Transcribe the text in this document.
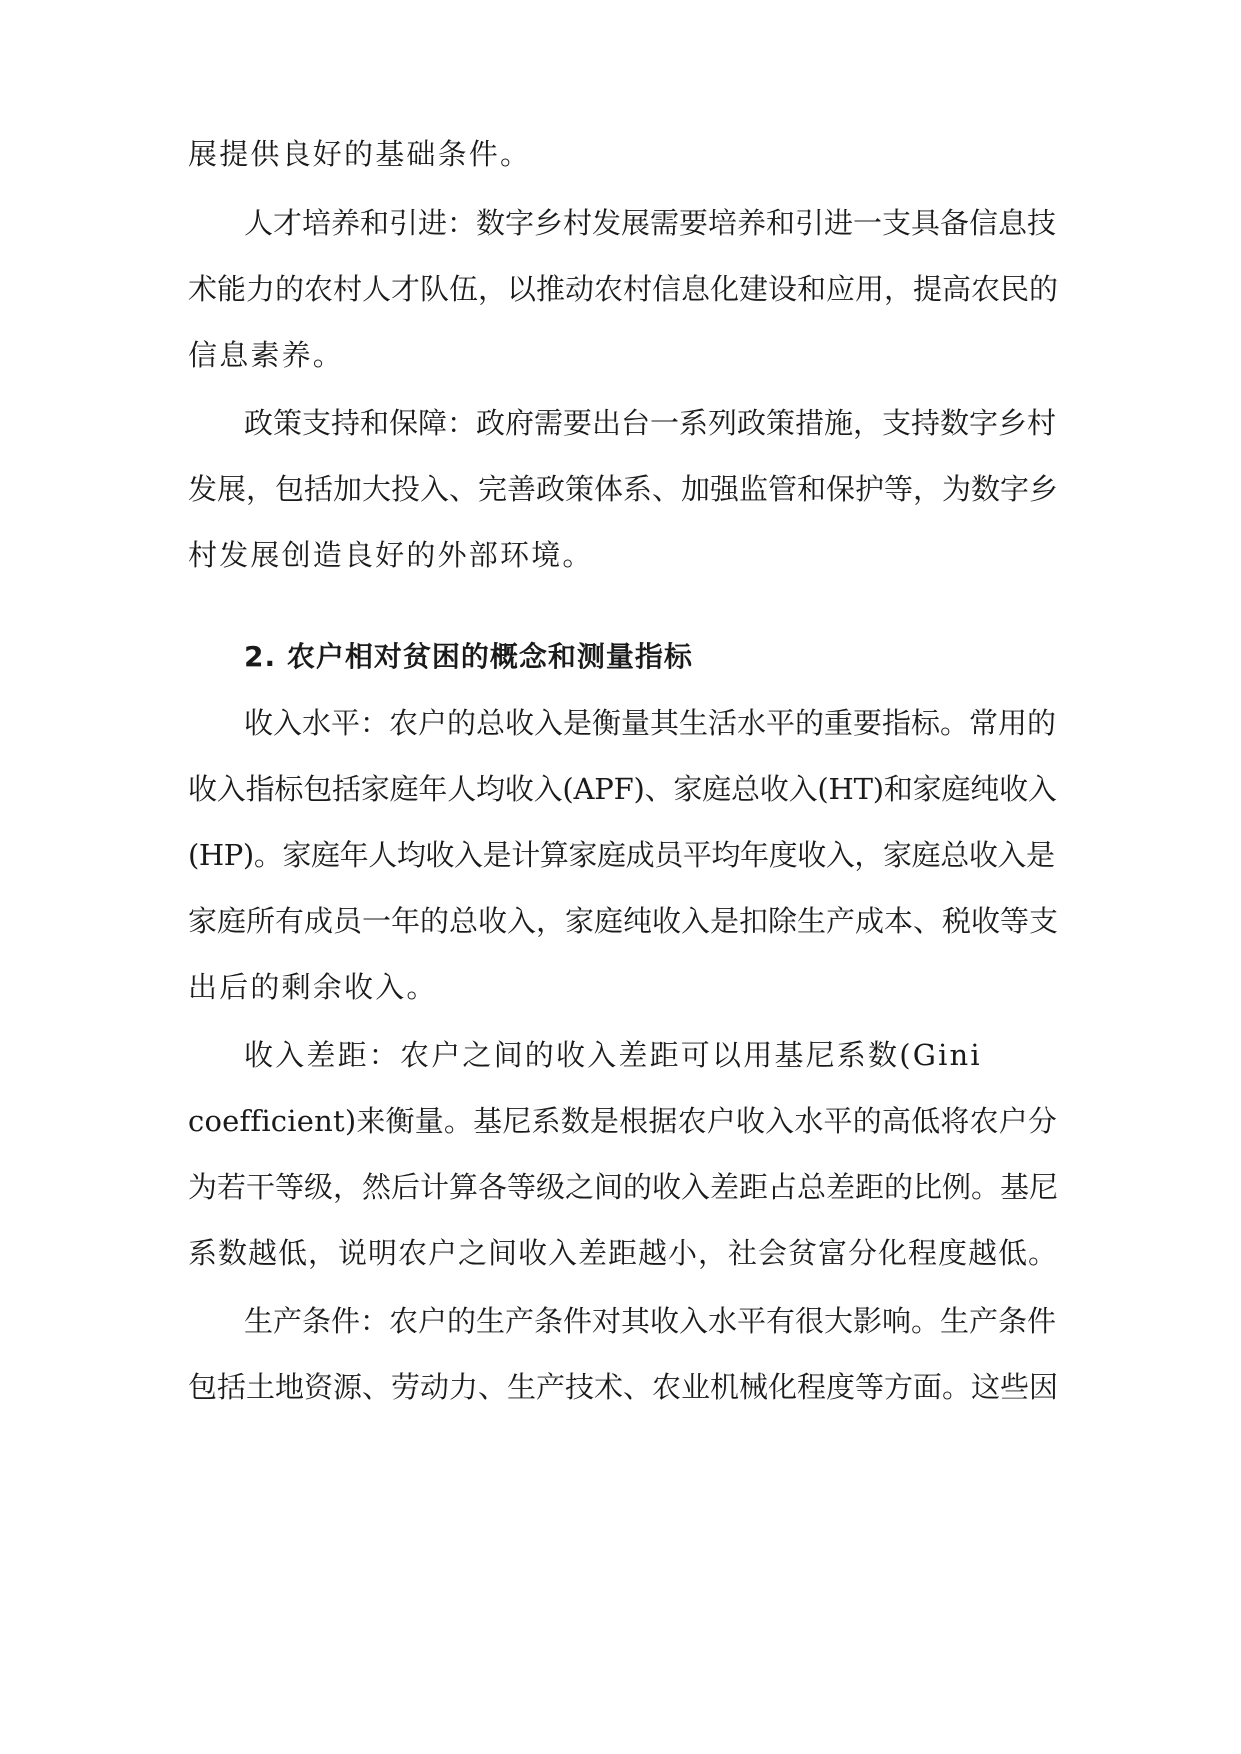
展提供良好的基础条件。
人才培养和引进：数字乡村发展需要培养和引进一支具备信息技
术能力的农村人才队伍，以推动农村信息化建设和应用，提高农民的
信息素养。
政策支持和保障：政府需要出台一系列政策措施，支持数字乡村
发展，包括加大投入、完善政策体系、加强监管和保护等，为数字乡
村发展创造良好的外部环境。
2. 农户相对贫困的概念和测量指标
收入水平：农户的总收入是衡量其生活水平的重要指标。常用的
收入指标包括家庭年人均收入(APF)、家庭总收入(HT)和家庭纯收入
(HP)。家庭年人均收入是计算家庭成员平均年度收入，家庭总收入是
家庭所有成员一年的总收入，家庭纯收入是扣除生产成本、税收等支
出后的剩余收入。
收入差距：农户之间的收入差距可以用基尼系数(Gini
coefficient)来衡量。基尼系数是根据农户收入水平的高低将农户分
为若干等级，然后计算各等级之间的收入差距占总差距的比例。基尼
系数越低，说明农户之间收入差距越小，社会贫富分化程度越低。
生产条件：农户的生产条件对其收入水平有很大影响。生产条件
包括土地资源、劳动力、生产技术、农业机械化程度等方面。这些因
